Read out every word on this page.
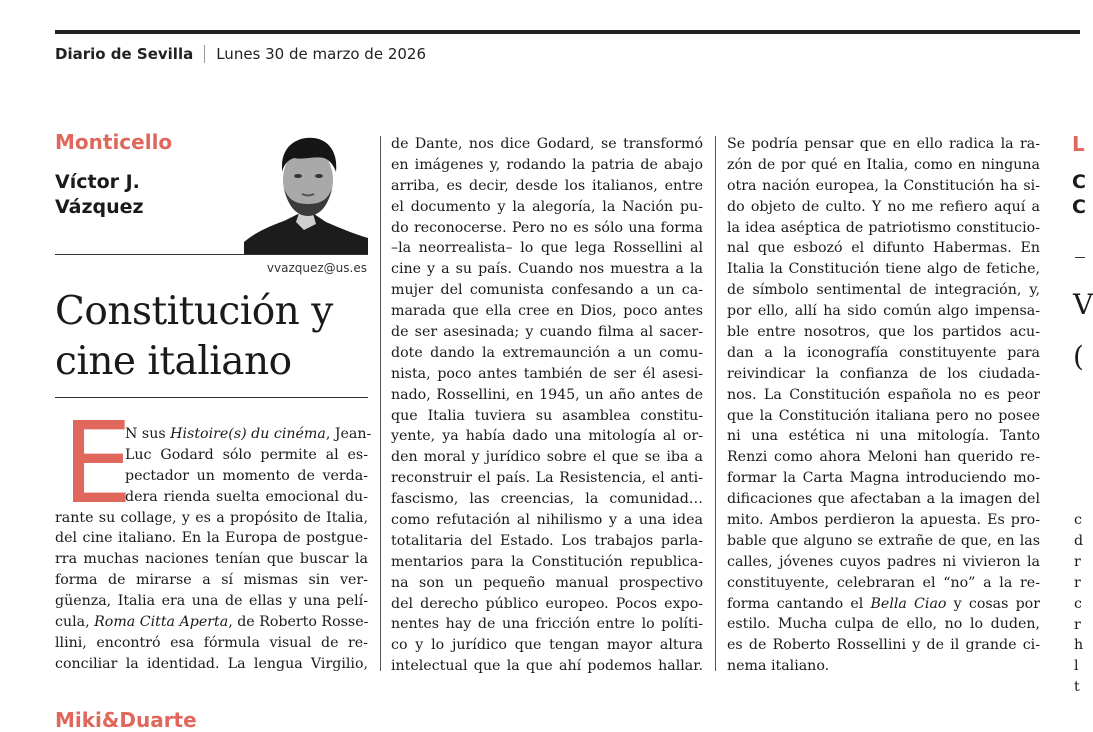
Diario de Sevilla Lunes 30 de marzo de 2026
Monticello
Víctor J.
Vázquez
vvazquez@us.es
Constitución y
cine italiano
E
N sus Histoire(s) du cinéma, Jean-
Luc Godard sólo permite al es-
pectador un momento de verda-
dera rienda suelta emocional du-
rante su collage, y es a propósito de Italia,
del cine italiano. En la Europa de postgue-
rra muchas naciones tenían que buscar la
forma de mirarse a sí mismas sin ver-
güenza, Italia era una de ellas y una pelí-
cula, Roma Citta Aperta, de Roberto Rosse-
llini, encontró esa fórmula visual de re-
conciliar la identidad. La lengua Virgilio,
de Dante, nos dice Godard, se transformó
en imágenes y, rodando la patria de abajo
arriba, es decir, desde los italianos, entre
el documento y la alegoría, la Nación pu-
do reconocerse. Pero no es sólo una forma
–la neorrealista– lo que lega Rossellini al
cine y a su país. Cuando nos muestra a la
mujer del comunista confesando a un ca-
marada que ella cree en Dios, poco antes
de ser asesinada; y cuando filma al sacer-
dote dando la extremaunción a un comu-
nista, poco antes también de ser él asesi-
nado, Rossellini, en 1945, un año antes de
que Italia tuviera su asamblea constitu-
yente, ya había dado una mitología al or-
den moral y jurídico sobre el que se iba a
reconstruir el país. La Resistencia, el anti-
fascismo, las creencias, la comunidad…
como refutación al nihilismo y a una idea
totalitaria del Estado. Los trabajos parla-
mentarios para la Constitución republica-
na son un pequeño manual prospectivo
del derecho público europeo. Pocos expo-
nentes hay de una fricción entre lo políti-
co y lo jurídico que tengan mayor altura
intelectual que la que ahí podemos hallar.
Se podría pensar que en ello radica la ra-
zón de por qué en Italia, como en ninguna
otra nación europea, la Constitución ha si-
do objeto de culto. Y no me refiero aquí a
la idea aséptica de patriotismo constitucio-
nal que esbozó el difunto Habermas. En
Italia la Constitución tiene algo de fetiche,
de símbolo sentimental de integración, y,
por ello, allí ha sido común algo impensa-
ble entre nosotros, que los partidos acu-
dan a la iconografía constituyente para
reivindicar la confianza de los ciudada-
nos. La Constitución española no es peor
que la Constitución italiana pero no posee
ni una estética ni una mitología. Tanto
Renzi como ahora Meloni han querido re-
formar la Carta Magna introduciendo mo-
dificaciones que afectaban a la imagen del
mito. Ambos perdieron la apuesta. Es pro-
bable que alguno se extrañe de que, en las
calles, jóvenes cuyos padres ni vivieron la
constituyente, celebraran el “no” a la re-
forma cantando el Bella Ciao y cosas por
estilo. Mucha culpa de ello, no lo duden,
es de Roberto Rossellini y de il grande ci-
nema italiano.
Miki&Duarte
L
C
C
V
(
c
d
r
r
c
r
h
l
t
